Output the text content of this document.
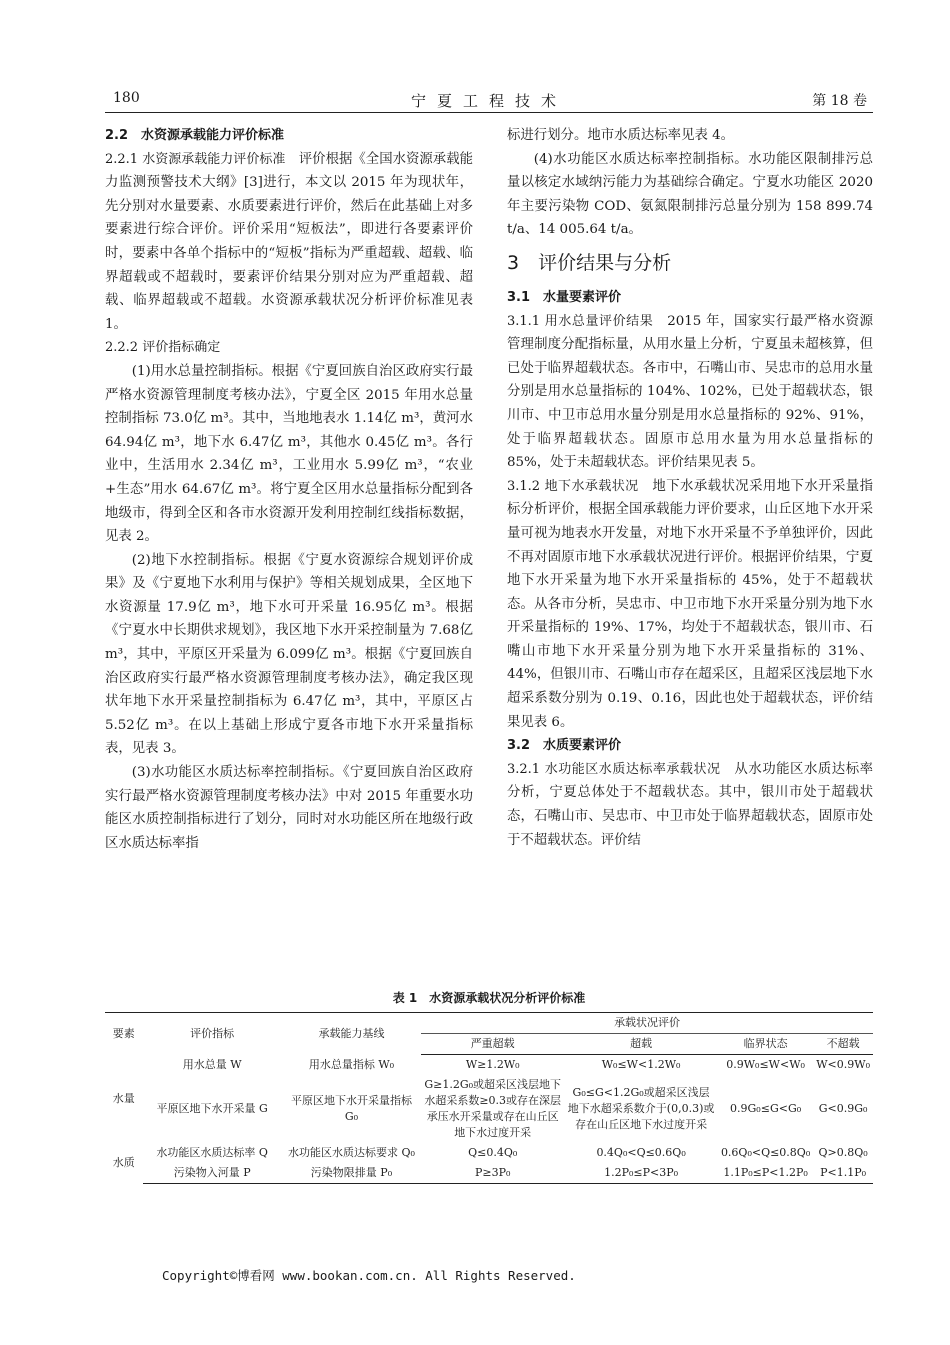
180	宁夏工程技术	第 18 卷

2.2　水资源承载能力评价标准

2.2.1 水资源承载能力评价标准　评价根据《全国水资源承载能力监测预警技术大纲》[3]进行，本文以 2015 年为现状年，先分别对水量要素、水质要素进行评价，然后在此基础上对多要素进行综合评价。评价采用“短板法”，即进行各要素评价时，要素中各单个指标中的“短板”指标为严重超载、超载、临界超载或不超载时，要素评价结果分别对应为严重超载、超载、临界超载或不超载。水资源承载状况分析评价标准见表 1。

2.2.2 评价指标确定

(1)用水总量控制指标。根据《宁夏回族自治区政府实行最严格水资源管理制度考核办法》，宁夏全区 2015 年用水总量控制指标 73.0亿 m³。其中，当地地表水 1.14亿 m³，黄河水 64.94亿 m³，地下水 6.47亿 m³，其他水 0.45亿 m³。各行业中，生活用水 2.34亿 m³，工业用水 5.99亿 m³，“农业+生态”用水 64.67亿 m³。将宁夏全区用水总量指标分配到各地级市，得到全区和各市水资源开发利用控制红线指标数据，见表 2。

(2)地下水控制指标。根据《宁夏水资源综合规划评价成果》及《宁夏地下水利用与保护》等相关规划成果，全区地下水资源量 17.9亿 m³，地下水可开采量 16.95亿 m³。根据《宁夏水中长期供求规划》，我区地下水开采控制量为 7.68亿 m³，其中，平原区开采量为 6.099亿 m³。根据《宁夏回族自治区政府实行最严格水资源管理制度考核办法》，确定我区现状年地下水开采量控制指标为 6.47亿 m³，其中，平原区占 5.52亿 m³。在以上基础上形成宁夏各市地下水开采量指标表，见表 3。

(3)水功能区水质达标率控制指标。《宁夏回族自治区政府实行最严格水资源管理制度考核办法》中对 2015 年重要水功能区水质控制指标进行了划分，同时对水功能区所在地级行政区水质达标率指

标进行划分。地市水质达标率见表 4。

(4)水功能区水质达标率控制指标。水功能区限制排污总量以核定水域纳污能力为基础综合确定。宁夏水功能区 2020 年主要污染物 COD、氨氮限制排污总量分别为 158 899.74 t/a、14 005.64 t/a。

3　评价结果与分析

3.1　水量要素评价

3.1.1 用水总量评价结果　2015 年，国家实行最严格水资源管理制度分配指标量，从用水量上分析，宁夏虽未超核算，但已处于临界超载状态。各市中，石嘴山市、吴忠市的总用水量分别是用水总量指标的 104%、102%，已处于超载状态，银川市、中卫市总用水量分别是用水总量指标的 92%、91%，处于临界超载状态。固原市总用水量为用水总量指标的 85%，处于未超载状态。评价结果见表 5。

3.1.2 地下水承载状况　地下水承载状况采用地下水开采量指标分析评价，根据全国承载能力评价要求，山丘区地下水开采量可视为地表水开发量，对地下水开采量不予单独评价，因此不再对固原市地下水承载状况进行评价。根据评价结果，宁夏地下水开采量为地下水开采量指标的 45%，处于不超载状态。从各市分析，吴忠市、中卫市地下水开采量分别为地下水开采量指标的 19%、17%，均处于不超载状态，银川市、石嘴山市地下水开采量分别为地下水开采量指标的 31%、44%，但银川市、石嘴山市存在超采区，且超采区浅层地下水超采系数分别为 0.19、0.16，因此也处于超载状态，评价结果见表 6。

3.2　水质要素评价

3.2.1 水功能区水质达标率承载状况　从水功能区水质达标率分析，宁夏总体处于不超载状态。其中，银川市处于超载状态，石嘴山市、吴忠市、中卫市处于临界超载状态，固原市处于不超载状态。评价结

表 1　水资源承载状况分析评价标准
要素	评价指标	承载能力基线	承载状况评价			
			严重超载	超载	临界状态	不超载
水量	用水总量 W	用水总量指标 W₀	W≥1.2W₀	W₀≤W<1.2W₀	0.9W₀≤W<W₀	W<0.9W₀
	平原区地下水开采量 G	平原区地下水开采量指标 G₀	G≥1.2G₀或超采区浅层地下水超采系数≥0.3或存在深层承压水开采量或存在山丘区地下水过度开采	G₀≤G<1.2G₀或超采区浅层地下水超采系数介于(0,0.3)或存在山丘区地下水过度开采	0.9G₀≤G<G₀	G<0.9G₀
水质	水功能区水质达标率 Q	水功能区水质达标要求 Q₀	Q≤0.4Q₀	0.4Q₀<Q≤0.6Q₀	0.6Q₀<Q≤0.8Q₀	Q>0.8Q₀
	污染物入河量 P	污染物限排量 P₀	P≥3P₀	1.2P₀≤P<3P₀	1.1P₀≤P<1.2P₀	P<1.1P₀
Copyright©博看网 www.bookan.com.cn. All Rights Reserved.
